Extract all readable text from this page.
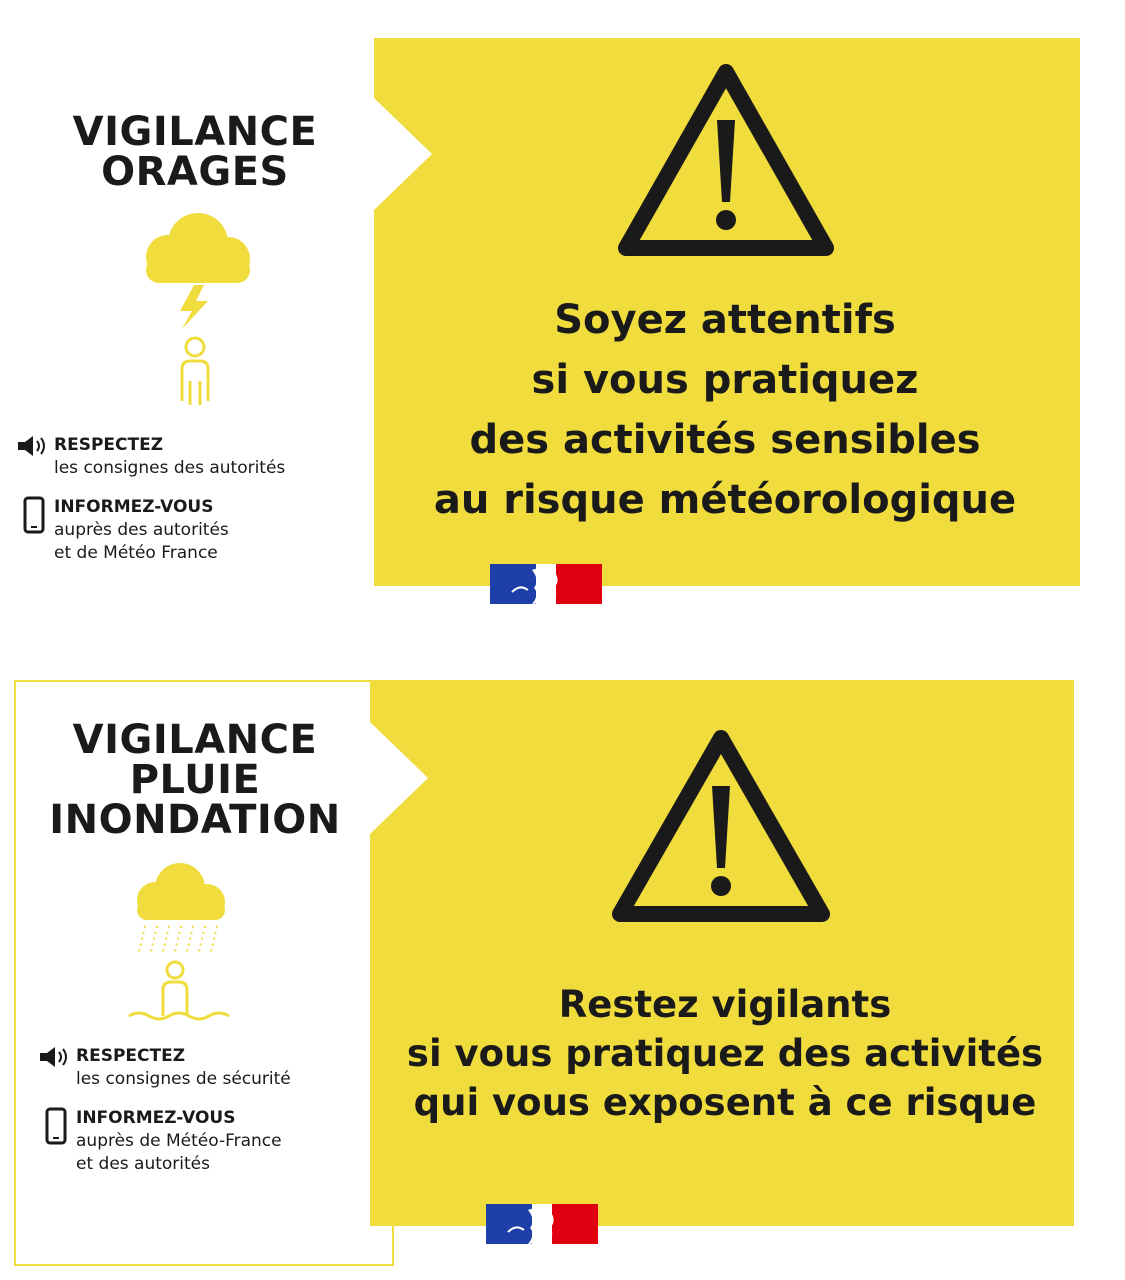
VIGILANCE
ORAGES
RESPECTEZ
les consignes des autorités
INFORMEZ-VOUS
auprès des autorités
et de Météo France

Soyez attentifs
si vous pratiquez
des activités sensibles
au risque météorologique

VIGILANCE
PLUIE
INONDATION
RESPECTEZ
les consignes de sécurité
INFORMEZ-VOUS
auprès de Météo-France
et des autorités

Restez vigilants
si vous pratiquez des activités
qui vous exposent à ce risque
